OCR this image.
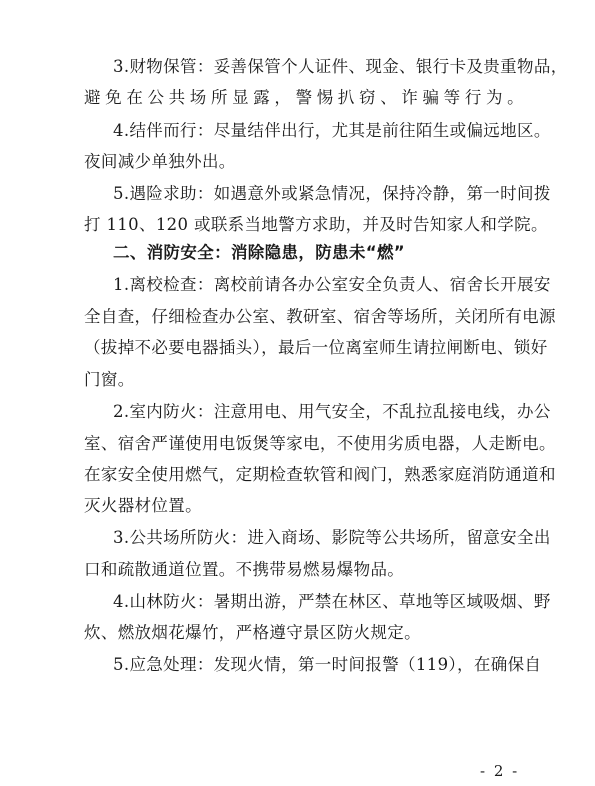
3.财物保管：妥善保管个人证件、现金、银行卡及贵重物品，
避免在公共场所显露，警惕扒窃、诈骗等行为。
4.结伴而行：尽量结伴出行，尤其是前往陌生或偏远地区。
夜间减少单独外出。
5.遇险求助：如遇意外或紧急情况，保持冷静，第一时间拨
打 110、120 或联系当地警方求助，并及时告知家人和学院。
二、消防安全：消除隐患，防患未“燃”
1.离校检查：离校前请各办公室安全负责人、宿舍长开展安
全自查，仔细检查办公室、教研室、宿舍等场所，关闭所有电源
（拔掉不必要电器插头），最后一位离室师生请拉闸断电、锁好
门窗。
2.室内防火：注意用电、用气安全，不乱拉乱接电线，办公
室、宿舍严谨使用电饭煲等家电，不使用劣质电器，人走断电。
在家安全使用燃气，定期检查软管和阀门，熟悉家庭消防通道和
灭火器材位置。
3.公共场所防火：进入商场、影院等公共场所，留意安全出
口和疏散通道位置。不携带易燃易爆物品。
4.山林防火：暑期出游，严禁在林区、草地等区域吸烟、野
炊、燃放烟花爆竹，严格遵守景区防火规定。
5.应急处理：发现火情，第一时间报警（119），在确保自
- 2 -
